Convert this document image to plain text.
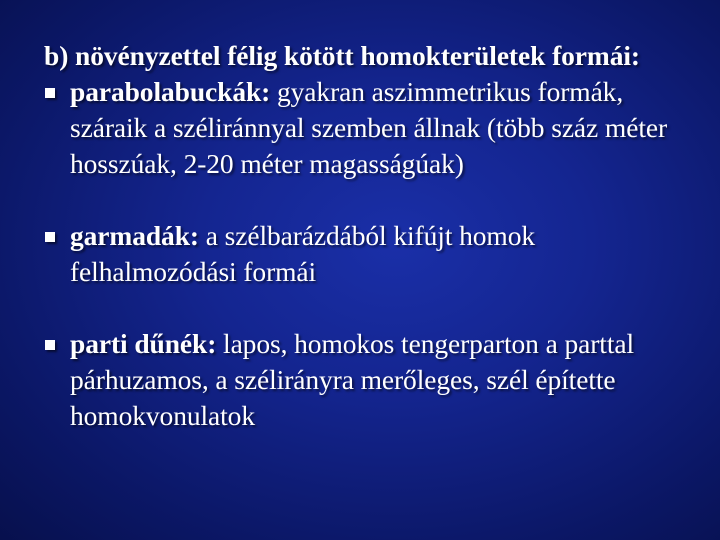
b) növényzettel félig kötött homokterületek formái:
parabolabuckák: gyakran aszimmetrikus formák, száraik a széliránnyal szemben állnak (több száz méter hosszúak, 2-20 méter magasságúak)
garmadák: a szélbarázdából kifújt homok felhalmozódási formái
parti dűnék: lapos, homokos tengerparton a parttal párhuzamos, a szélirányra merőleges, szél építette homokvonulatok
